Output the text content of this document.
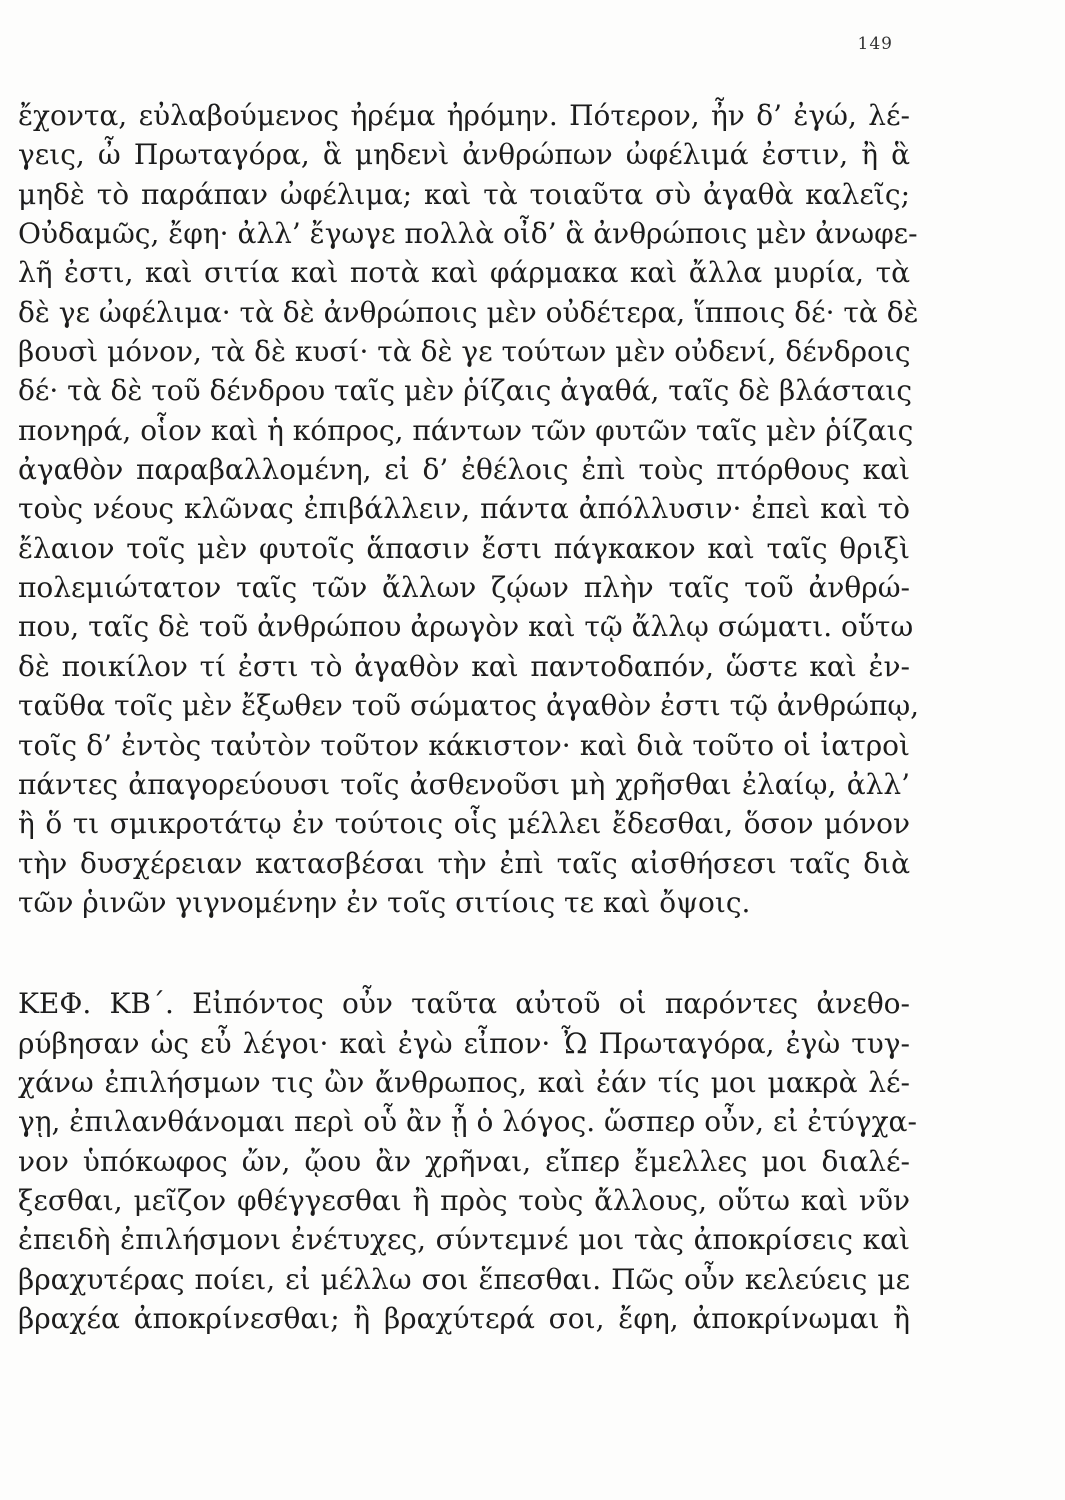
149
ἔχοντα, εὐλαβούμενος ἠρέμα ἠρόμην. Πότερον, ἦν δ’ ἐγώ, λέ-
γεις, ὦ Πρωταγόρα, ἃ μηδενὶ ἀνθρώπων ὠφέλιμά ἐστιν, ἢ ἃ
μηδὲ τὸ παράπαν ὠφέλιμα; καὶ τὰ τοιαῦτα σὺ ἀγαθὰ καλεῖς;
Οὐδαμῶς, ἔφη· ἀλλ’ ἔγωγε πολλὰ οἶδ’ ἃ ἀνθρώποις μὲν ἀνωφε-
λῆ ἐστι, καὶ σιτία καὶ ποτὰ καὶ φάρμακα καὶ ἄλλα μυρία, τὰ
δὲ γε ὠφέλιμα· τὰ δὲ ἀνθρώποις μὲν οὐδέτερα, ἵπποις δέ· τὰ δὲ
βουσὶ μόνον, τὰ δὲ κυσί· τὰ δὲ γε τούτων μὲν οὐδενί, δένδροις
δέ· τὰ δὲ τοῦ δένδρου ταῖς μὲν ῥίζαις ἀγαθά, ταῖς δὲ βλάσταις
πονηρά, οἷον καὶ ἡ κόπρος, πάντων τῶν φυτῶν ταῖς μὲν ῥίζαις
ἀγαθὸν παραβαλλομένη, εἰ δ’ ἐθέλοις ἐπὶ τοὺς πτόρθους καὶ
τοὺς νέους κλῶνας ἐπιβάλλειν, πάντα ἀπόλλυσιν· ἐπεὶ καὶ τὸ
ἔλαιον τοῖς μὲν φυτοῖς ἅπασιν ἔστι πάγκακον καὶ ταῖς θριξὶ
πολεμιώτατον ταῖς τῶν ἄλλων ζῴων πλὴν ταῖς τοῦ ἀνθρώ-
που, ταῖς δὲ τοῦ ἀνθρώπου ἀρωγὸν καὶ τῷ ἄλλῳ σώματι. οὕτω
δὲ ποικίλον τί ἐστι τὸ ἀγαθὸν καὶ παντοδαπόν, ὥστε καὶ ἐν-
ταῦθα τοῖς μὲν ἔξωθεν τοῦ σώματος ἀγαθὸν ἐστι τῷ ἀνθρώπῳ,
τοῖς δ’ ἐντὸς ταὐτὸν τοῦτον κάκιστον· καὶ διὰ τοῦτο οἱ ἰατροὶ
πάντες ἀπαγορεύουσι τοῖς ἀσθενοῦσι μὴ χρῆσθαι ἐλαίῳ, ἀλλ’
ἢ ὅ τι σμικροτάτῳ ἐν τούτοις οἷς μέλλει ἔδεσθαι, ὅσον μόνον
τὴν δυσχέρειαν κατασβέσαι τὴν ἐπὶ ταῖς αἰσθήσεσι ταῖς διὰ
τῶν ῥινῶν γιγνομένην ἐν τοῖς σιτίοις τε καὶ ὄψοις.
ΚΕΦ. ΚΒ΄. Εἰπόντος οὖν ταῦτα αὐτοῦ οἱ παρόντες ἀνεθο-
ρύβησαν ὡς εὖ λέγοι· καὶ ἐγὼ εἶπον· Ὦ Πρωταγόρα, ἐγὼ τυγ-
χάνω ἐπιλήσμων τις ὢν ἄνθρωπος, καὶ ἐάν τίς μοι μακρὰ λέ-
γῃ, ἐπιλανθάνομαι περὶ οὗ ἂν ᾖ ὁ λόγος. ὥσπερ οὖν, εἰ ἐτύγχα-
νον ὑπόκωφος ὤν, ᾤου ἂν χρῆναι, εἴπερ ἔμελλες μοι διαλέ-
ξεσθαι, μεῖζον φθέγγεσθαι ἢ πρὸς τοὺς ἄλλους, οὕτω καὶ νῦν
ἐπειδὴ ἐπιλήσμονι ἐνέτυχες, σύντεμνέ μοι τὰς ἀποκρίσεις καὶ
βραχυτέρας ποίει, εἰ μέλλω σοι ἕπεσθαι. Πῶς οὖν κελεύεις με
βραχέα ἀποκρίνεσθαι; ἢ βραχύτερά σοι, ἔφη, ἀποκρίνωμαι ἢ
